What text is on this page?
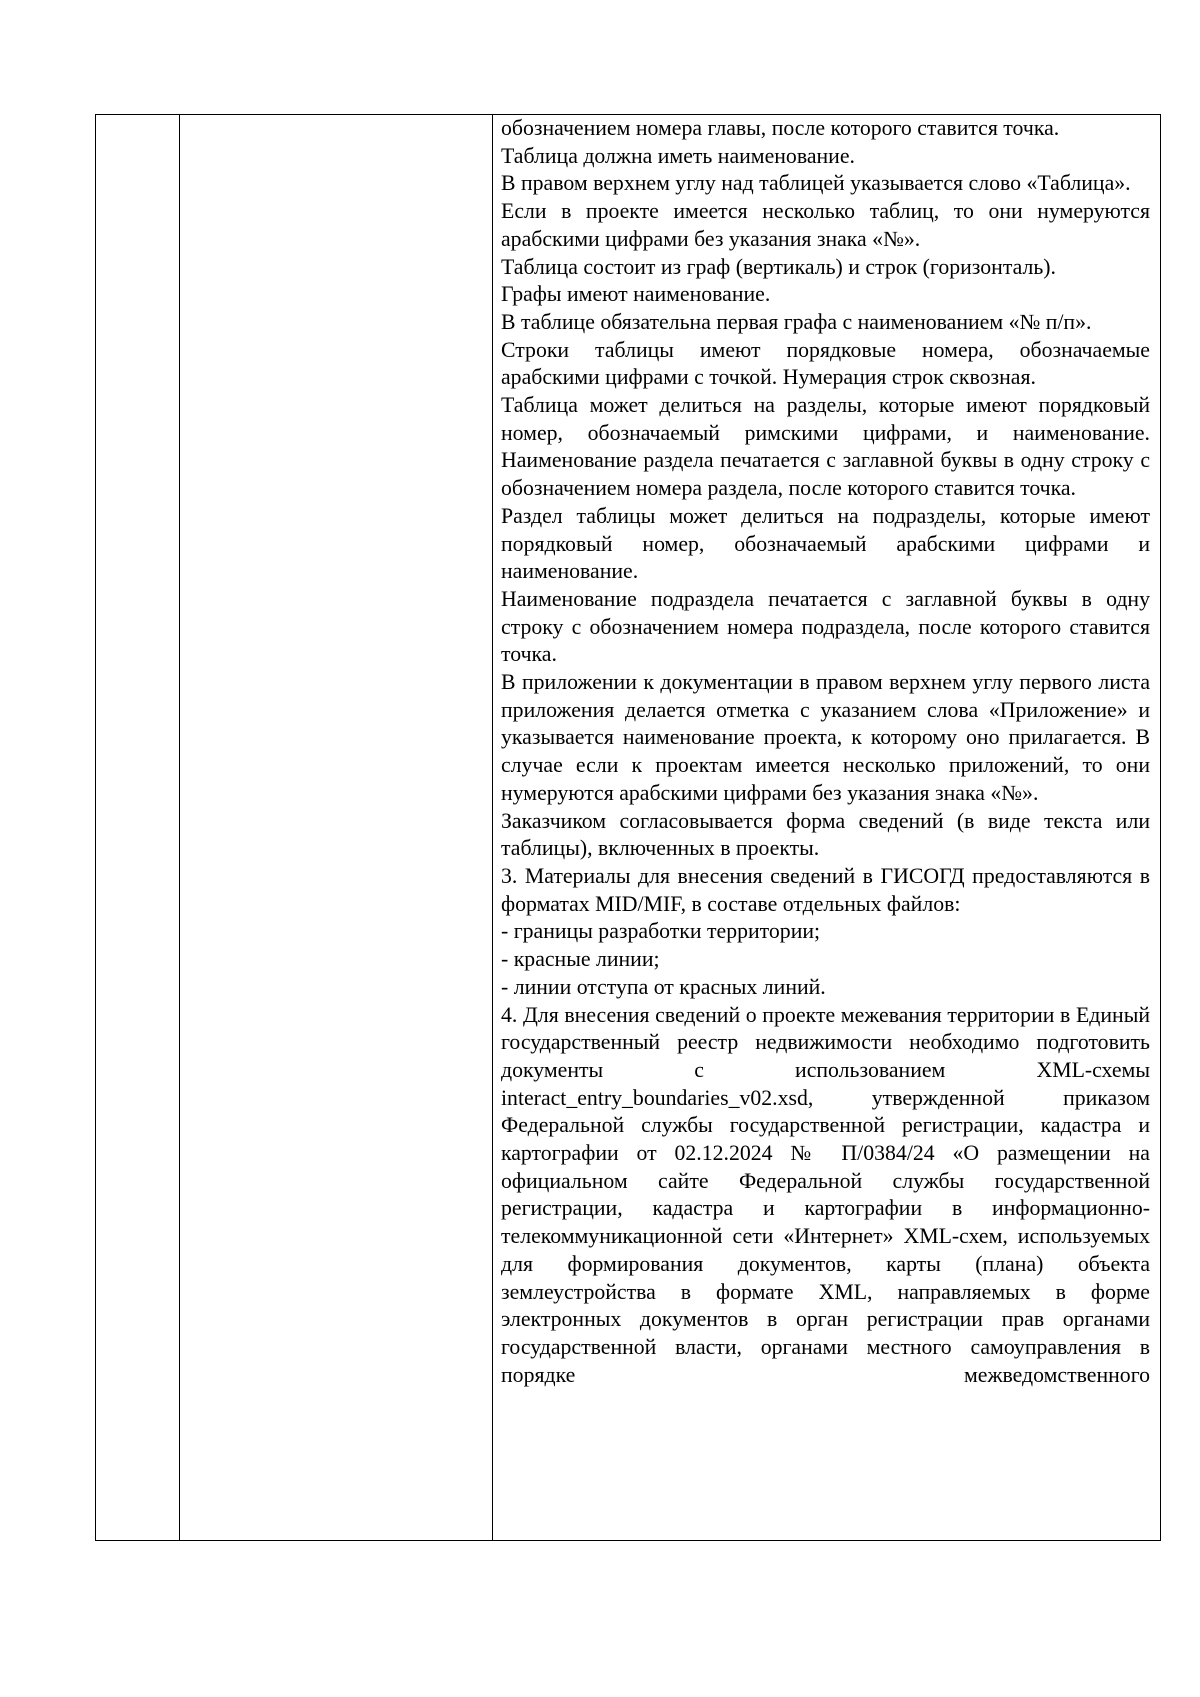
обозначением номера главы, после которого ставится точка.

Таблица должна иметь наименование.

В правом верхнем углу над таблицей указывается слово «Таблица».

Если в проекте имеется несколько таблиц, то они нумеруются арабскими цифрами без указания знака «№».

Таблица состоит из граф (вертикаль) и строк (горизонталь).

Графы имеют наименование.

В таблице обязательна первая графа с наименованием «№ п/п».

Строки таблицы имеют порядковые номера, обозначаемые арабскими цифрами с точкой. Нумерация строк сквозная.

Таблица может делиться на разделы, которые имеют порядковый номер, обозначаемый римскими цифрами, и наименование. Наименование раздела печатается с заглавной буквы в одну строку с обозначением номера раздела, после которого ставится точка.

Раздел таблицы может делиться на подразделы, которые имеют порядковый номер, обозначаемый арабскими цифрами и наименование.

Наименование подраздела печатается с заглавной буквы в одну строку с обозначением номера подраздела, после которого ставится точка.

В приложении к документации в правом верхнем углу первого листа приложения делается отметка с указанием слова «Приложение» и указывается наименование проекта, к которому оно прилагается. В случае если к проектам имеется несколько приложений, то они нумеруются арабскими цифрами без указания знака «№».

Заказчиком согласовывается форма сведений (в виде текста или таблицы), включенных в проекты.

3. Материалы для внесения сведений в ГИСОГД предоставляются в форматах MID/MIF, в составе отдельных файлов:

- границы разработки территории;

- красные линии;

- линии отступа от красных линий.

4. Для внесения сведений о проекте межевания территории в Единый государственный реестр недвижимости необходимо подготовить документы с использованием XML-схемы interact_entry_boundaries_v02.xsd, утвержденной приказом Федеральной службы государственной регистрации, кадастра и картографии от 02.12.2024 № П/0384/24 «О размещении на официальном сайте Федеральной службы государственной регистрации, кадастра и картографии в информационно-телекоммуникационной сети «Интернет» XML-схем, используемых для формирования документов, карты (плана) объекта землеустройства в формате XML, направляемых в форме электронных документов в орган регистрации прав органами государственной власти, органами местного самоуправления в порядке межведомственного
